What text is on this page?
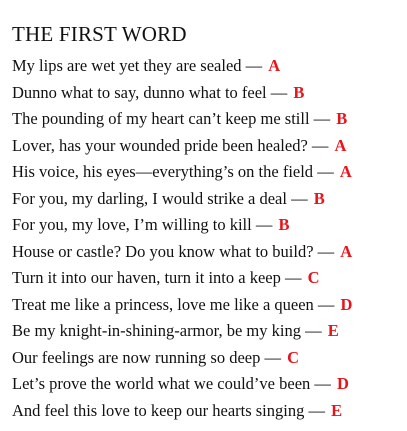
THE FIRST WORD
My lips are wet yet they are sealed — A
Dunno what to say, dunno what to feel — B
The pounding of my heart can’t keep me still — B
Lover, has your wounded pride been healed? — A
His voice, his eyes—everything’s on the field — A
For you, my darling, I would strike a deal — B
For you, my love, I’m willing to kill — B
House or castle? Do you know what to build? — A
Turn it into our haven, turn it into a keep — C
Treat me like a princess, love me like a queen — D
Be my knight-in-shining-armor, be my king — E
Our feelings are now running so deep — C
Let’s prove the world what we could’ve been — D
And feel this love to keep our hearts singing — E
